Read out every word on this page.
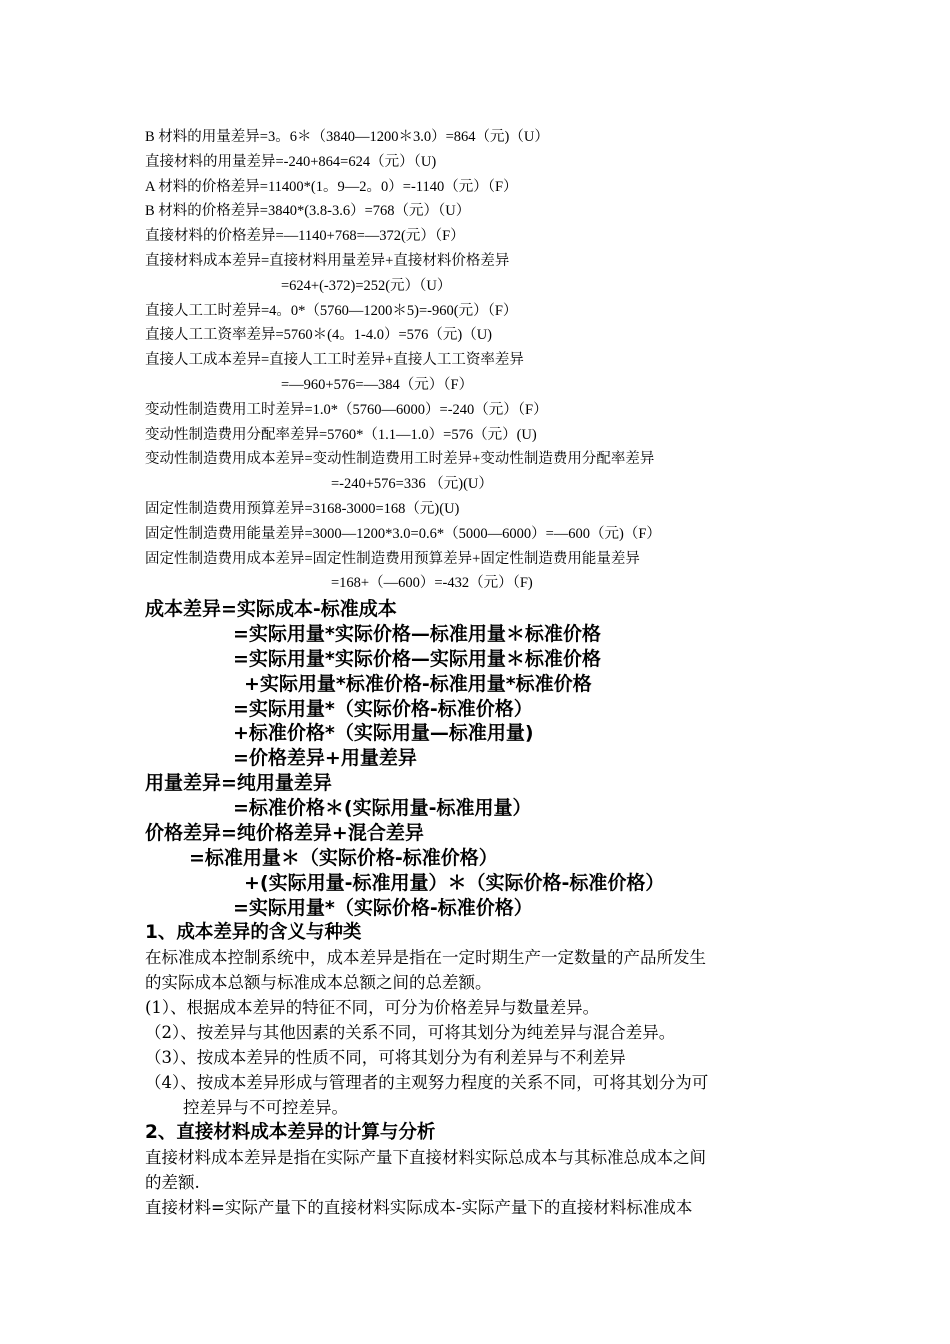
B 材料的用量差异=3。6＊（3840—1200＊3.0）=864（元)（U）
直接材料的用量差异=-240+864=624（元）（U)
A 材料的价格差异=11400*(1。9—2。0）=-1140（元）（F）
B 材料的价格差异=3840*(3.8-3.6）=768（元）（U）
直接材料的价格差异=—1140+768=—372(元）（F）
直接材料成本差异=直接材料用量差异+直接材料价格差异
=624+(-372)=252(元）（U）
直接人工工时差异=4。0*（5760—1200＊5)=-960(元）（F）
直接人工工资率差异=5760＊(4。1-4.0）=576（元)（U)
直接人工成本差异=直接人工工时差异+直接人工工资率差异
=—960+576=—384（元）（F）
变动性制造费用工时差异=1.0*（5760—6000）=-240（元）（F）
变动性制造费用分配率差异=5760*（1.1—1.0）=576（元）(U)
变动性制造费用成本差异=变动性制造费用工时差异+变动性制造费用分配率差异
=-240+576=336 （元)(U）
固定性制造费用预算差异=3168-3000=168（元)(U)
固定性制造费用能量差异=3000—1200*3.0=0.6*（5000—6000）=—600（元)（F）
固定性制造费用成本差异=固定性制造费用预算差异+固定性制造费用能量差异
=168+（—600）=-432（元）（F)
成本差异=实际成本-标准成本
=实际用量*实际价格—标准用量＊标准价格
=实际用量*实际价格—实际用量＊标准价格
+实际用量*标准价格-标准用量*标准价格
=实际用量*（实际价格-标准价格）
+标准价格*（实际用量—标准用量)
=价格差异+用量差异
用量差异=纯用量差异
=标准价格＊(实际用量-标准用量）
价格差异=纯价格差异+混合差异
=标准用量＊（实际价格-标准价格）
+(实际用量-标准用量）＊（实际价格-标准价格）
=实际用量*（实际价格-标准价格）
1、成本差异的含义与种类
在标准成本控制系统中，成本差异是指在一定时期生产一定数量的产品所发生
的实际成本总额与标准成本总额之间的总差额。
(1）、根据成本差异的特征不同，可分为价格差异与数量差异。
（2）、按差异与其他因素的关系不同，可将其划分为纯差异与混合差异。
（3）、按成本差异的性质不同，可将其划分为有利差异与不利差异
（4）、按成本差异形成与管理者的主观努力程度的关系不同，可将其划分为可
控差异与不可控差异。
2、直接材料成本差异的计算与分析
直接材料成本差异是指在实际产量下直接材料实际总成本与其标准总成本之间
的差额.
直接材料=实际产量下的直接材料实际成本-实际产量下的直接材料标准成本
